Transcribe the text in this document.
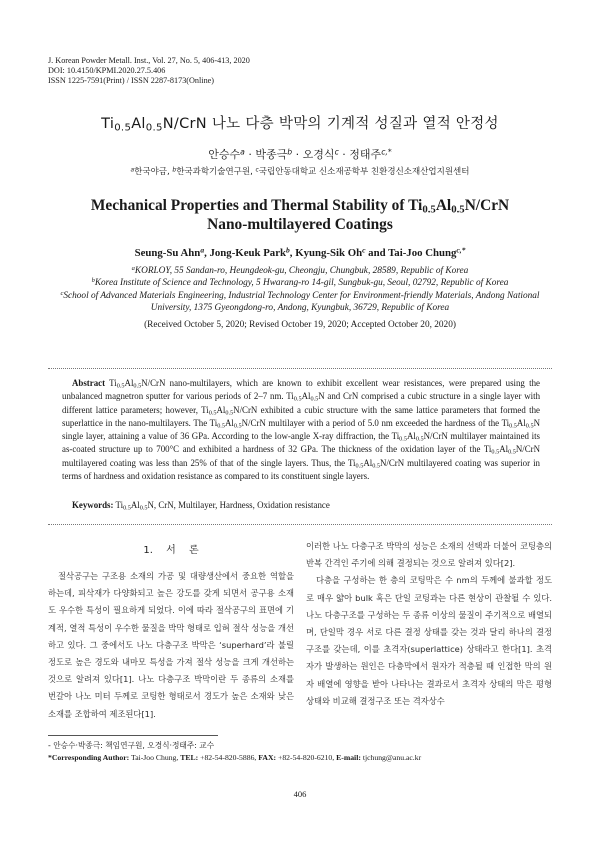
J. Korean Powder Metall. Inst., Vol. 27, No. 5, 406-413, 2020
DOI: 10.4150/KPMI.2020.27.5.406
ISSN 1225-7591(Print) / ISSN 2287-8173(Online)
$Ti_{0.5}Al_{0.5}N$/CrN 나노 다층 박막의 기계적 성질과 열적 안정성
안승수$^a$ · 박종극$^b$ · 오경식$^c$ · 정태주$^{c,*}$
$^a$한국야금, $^b$한국과학기술연구원, $^c$국립안동대학교 신소재공학부 친환경신소재산업지원센터
Mechanical Properties and Thermal Stability of $Ti_{0.5}Al_{0.5}N$/CrN
Nano-multilayered Coatings
Seung-Su Ahn$^a$, Jong-Keuk Park$^b$, Kyung-Sik Oh$^c$ and Tai-Joo Chung$^{c,*}$
$^a$KORLOY, 55 Sandan-ro, Heungdeok-gu, Cheongju, Chungbuk, 28589, Republic of Korea
$^b$Korea Institute of Science and Technology, 5 Hwarang-ro 14-gil, Sungbuk-gu, Seoul, 02792, Republic of Korea
$^c$School of Advanced Materials Engineering, Industrial Technology Center for Environment-friendly Materials, Andong National University, 1375 Gyeongdong-ro, Andong, Kyungbuk, 36729, Republic of Korea
(Received October 5, 2020; Revised October 19, 2020; Accepted October 20, 2020)
Abstract $Ti_{0.5}Al_{0.5}N$/CrN nano-multilayers, which are known to exhibit excellent wear resistances, were prepared using the unbalanced magnetron sputter for various periods of 2–7 nm. $Ti_{0.5}Al_{0.5}N$ and CrN comprised a cubic structure in a single layer with different lattice parameters; however, $Ti_{0.5}Al_{0.5}N$/CrN exhibited a cubic structure with the same lattice parameters that formed the superlattice in the nano-multilayers. The $Ti_{0.5}Al_{0.5}N$/CrN multilayer with a period of 5.0 nm exceeded the hardness of the $Ti_{0.5}Al_{0.5}N$ single layer, attaining a value of 36 GPa. According to the low-angle X-ray diffraction, the $Ti_{0.5}Al_{0.5}N$/CrN multilayer maintained its as-coated structure up to 700°C and exhibited a hardness of 32 GPa. The thickness of the oxidation layer of the $Ti_{0.5}Al_{0.5}N$/CrN multilayered coating was less than 25% of that of the single layers. Thus, the $Ti_{0.5}Al_{0.5}N$/CrN multilayered coating was superior in terms of hardness and oxidation resistance as compared to its constituent single layers.
Keywords: $Ti_{0.5}Al_{0.5}N$, CrN, Multilayer, Hardness, Oxidation resistance
1. 서 론
절삭공구는 구조용 소재의 가공 및 대량생산에서 중요한 역할을 하는데, 피삭재가 다양화되고 높은 강도를 갖게 되면서 공구용 소재도 우수한 특성이 필요하게 되었다. 이에 따라 절삭공구의 표면에 기계적, 열적 특성이 우수한 물질을 박막 형태로 입혀 절삭 성능을 개선하고 있다. 그 중에서도 나노 다층구조 박막은 ‘superhard’라 불릴 정도로 높은 경도와 내마모 특성을 가져 절삭 성능을 크게 개선하는 것으로 알려져 있다[1]. 나노 다층구조 박막이란 두 종류의 소재를 번갈아 나노 미터 두께로 코팅한 형태로서 경도가 높은 소재와 낮은 소재를 조합하여 제조된다[1].
이러한 나노 다층구조 박막의 성능은 소재의 선택과 더불어 코팅층의 반복 간격인 주기에 의해 결정되는 것으로 알려져 있다[2].
다층을 구성하는 한 층의 코팅막은 수 nm의 두께에 불과할 정도로 매우 얇아 bulk 혹은 단일 코팅과는 다른 현상이 관찰될 수 있다. 나노 다층구조를 구성하는 두 종류 이상의 물질이 주기적으로 배열되며, 단일막 경우 서로 다른 결정 상태를 갖는 것과 달리 하나의 결정구조를 갖는데, 이를 초격자(superlattice) 상태라고 한다[1]. 초격자가 발생하는 원인은 다층막에서 원자가 적층될 때 인접한 막의 원자 배열에 영향을 받아 나타나는 결과로서 초격자 상태의 막은 평형 상태와 비교해 결정구조 또는 격자상수
- 안승수·박종극: 책임연구원, 오경식·정태주: 교수
*Corresponding Author: Tai-Joo Chung, TEL: +82-54-820-5886, FAX: +82-54-820-6210, E-mail: tjchung@anu.ac.kr
406
